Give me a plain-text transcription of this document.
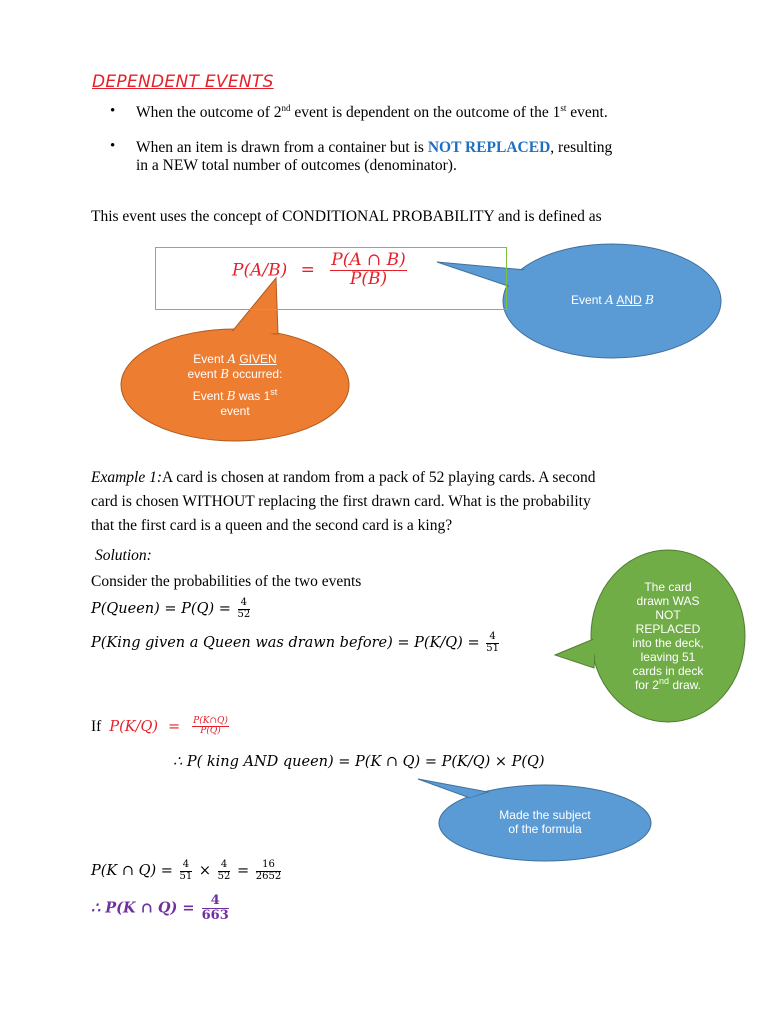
DEPENDENT EVENTS
• When the outcome of 2nd event is dependent on the outcome of the 1st event.
• When an item is drawn from a container but is NOT REPLACED, resulting
in a NEW total number of outcomes (denominator).
This event uses the concept of CONDITIONAL PROBABILITY and is defined as
$P(A/B) = \frac{P(A \cap B)}{P(B)}$
Event A AND B
Event A GIVEN
event B occurred:
Event B was 1st
event
The card
drawn WAS
NOT
REPLACED
into the deck,
leaving 51
cards in deck
for 2nd draw.
Made the subject
of the formula
Example 1:A card is chosen at random from a pack of 52 playing cards. A second
card is chosen WITHOUT replacing the first drawn card. What is the probability
that the first card is a queen and the second card is a king?
Solution:
Consider the probabilities of the two events
P(Queen) = $P(Q) = \frac{4}{52}$
P(King given a Queen was drawn before) = $P(K/Q) = \frac{4}{51}$
If $P(K/Q) = \frac{P(K\cap Q)}{P(Q)}$
∴ P( king AND queen) = P(K ∩ Q) = P(K/Q) × P(Q)
P(K ∩ $Q) = \frac{4}{51} \times \frac{4}{52} = \frac{16}{2652}$
∴ P(K ∩ $Q) = \frac{4}{663}$
